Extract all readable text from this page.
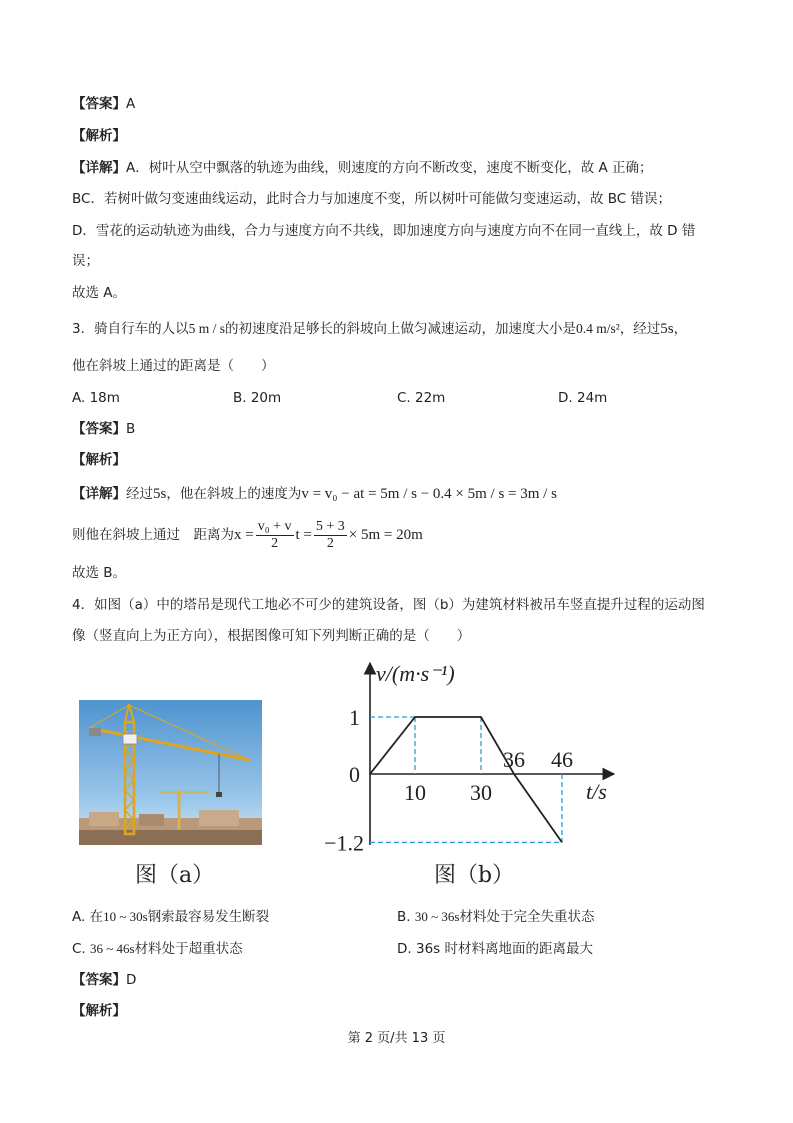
【答案】A
【解析】
【详解】A．树叶从空中飘落的轨迹为曲线，则速度的方向不断改变，速度不断变化，故 A 正确；
BC．若树叶做匀变速曲线运动，此时合力与加速度不变，所以树叶可能做匀变速运动，故 BC 错误；
D．雪花的运动轨迹为曲线，合力与速度方向不共线，即加速度方向与速度方向不在同一直线上，故 D 错
误；
故选 A。
3．骑自行车的人以5 m / s的初速度沿足够长的斜坡向上做匀减速运动，加速度大小是0.4 m/s²，经过5s，
他在斜坡上通过的距离是（　　）
A. 18m	B. 20m	C. 22m	D. 24m
【答案】B
【解析】
【详解】经过5s，他在斜坡上的速度为v = v₀ − at = 5m / s − 0.4 × 5m / s = 3m / s
则他在斜坡上通过　距离为$x = \frac{\text{v₀ + v}}{2}$ $t = \frac{5 + 3}{2} \times 5m = 20m$
故选 B。
4．如图（a）中的塔吊是现代工地必不可少的建筑设备，图（b）为建筑材料被吊车竖直提升过程的运动图
像（竖直向上为正方向），根据图像可知下列判断正确的是（　　）
10 30
36 46
1
0
−1.2
v/(m·s⁻¹)
t/s
图（a）	图（b）
A. 在10 ~ 30s钢索最容易发生断裂	B. 30 ~ 36s材料处于完全失重状态
C. 36 ~ 46s材料处于超重状态	D. 36s 时材料离地面的距离最大
【答案】D
【解析】
第 2 页/共 13 页
